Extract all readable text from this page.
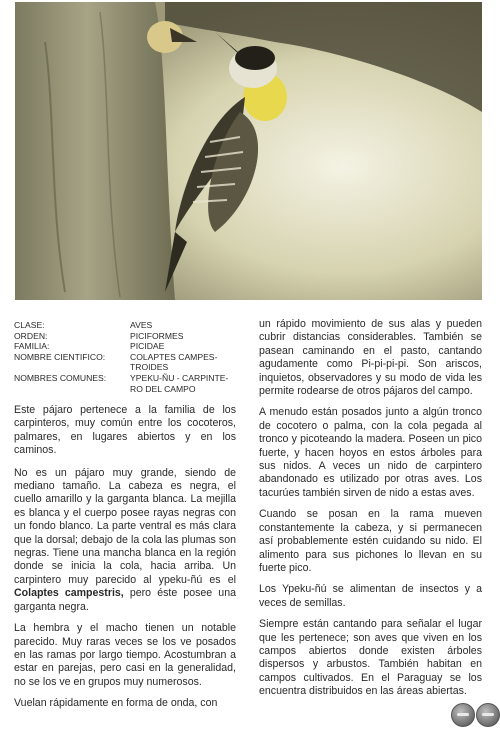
CLASE:	AVES
ORDEN:	PICIFORMES
FAMILIA:	PICIDAE
NOMBRE CIENTIFICO:	COLAPTES CAMPES-
TROIDES
NOMBRES COMUNES:	YPEKU-ÑU - CARPINTE-
RO DEL CAMPO

Este pájaro pertenece a la familia de los carpinteros, muy común entre los cocoteros, palmares, en lugares abiertos y en los caminos.

No es un pájaro muy grande, siendo de mediano tamaño. La cabeza es negra, el cuello amarillo y la garganta blanca. La mejilla es blanca y el cuerpo posee rayas negras con un fondo blanco. La parte ventral es más clara que la dorsal; debajo de la cola las plumas son negras. Tiene una mancha blanca en la región donde se inicia la cola, hacia arriba. Un carpintero muy parecido al ypeku-ñú es el Colaptes campestris, pero éste posee una garganta negra.

La hembra y el macho tienen un notable parecido. Muy raras veces se los ve posados en las ramas por largo tiempo. Acostumbran a estar en parejas, pero casi en la generalidad, no se los ve en grupos muy numerosos.

Vuelan rápidamente en forma de onda, con

un rápido movimiento de sus alas y pueden cubrir distancias considerables. También se pasean caminando en el pasto, cantando agudamente como Pi-pi-pi-pi. Son ariscos, inquietos, observadores y su modo de vida les permite rodearse de otros pájaros del campo.

A menudo están posados junto a algún tronco de cocotero o palma, con la cola pegada al tronco y picoteando la madera. Poseen un pico fuerte, y hacen hoyos en estos árboles para sus nidos. A veces un nido de carpintero abandonado es utilizado por otras aves. Los tacurúes también sirven de nido a estas aves.

Cuando se posan en la rama mueven constantemente la cabeza, y si permanecen así probablemente estén cuidando su nido. El alimento para sus pichones lo llevan en su fuerte pico.

Los Ypeku-ñú se alimentan de insectos y a veces de semillas.

Siempre están cantando para señalar el lugar que les pertenece; son aves que viven en los campos abiertos donde existen árboles dispersos y arbustos. También habitan en campos cultivados. En el Paraguay se los encuentra distribuidos en las áreas abiertas.
